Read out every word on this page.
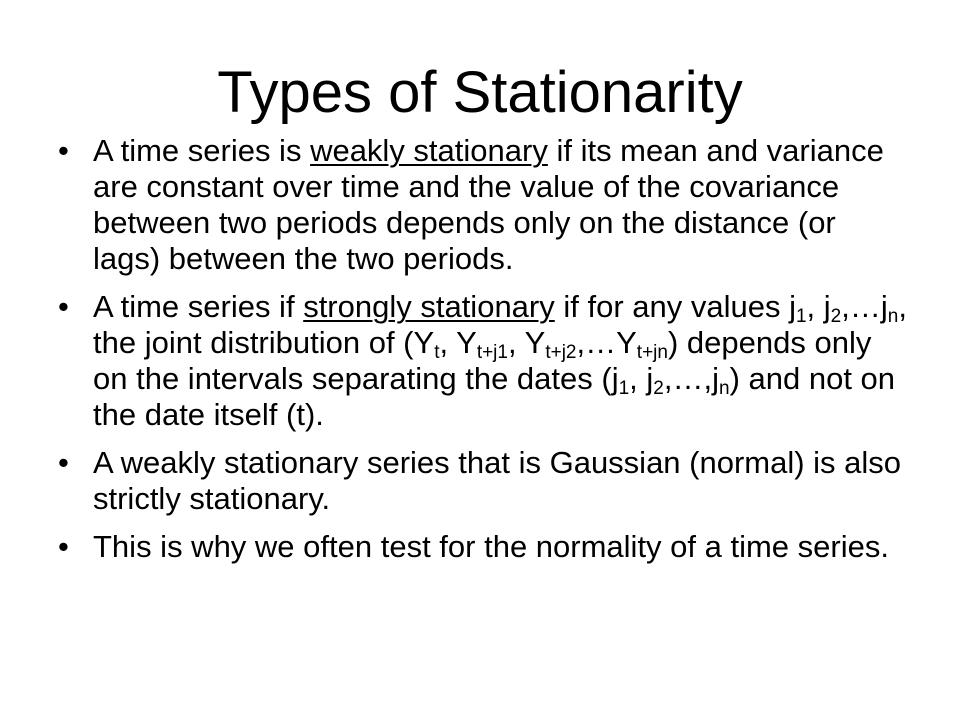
Types of Stationarity
• A time series is weakly stationary if its mean and variance are constant over time and the value of the covariance between two periods depends only on the distance (or lags) between the two periods.
• A time series if strongly stationary if for any values $j_1$, $j_2,\dots j_n$, the joint distribution of ($Y_t$, $Y_{t+j1}$, $Y_{t+j2},\dots Y_{t+jn}$) depends only on the intervals separating the dates ($j_1$, $j_2,\dots,j_n$) and not on the date itself (t).
• A weakly stationary series that is Gaussian (normal) is also strictly stationary.
• This is why we often test for the normality of a time series.
